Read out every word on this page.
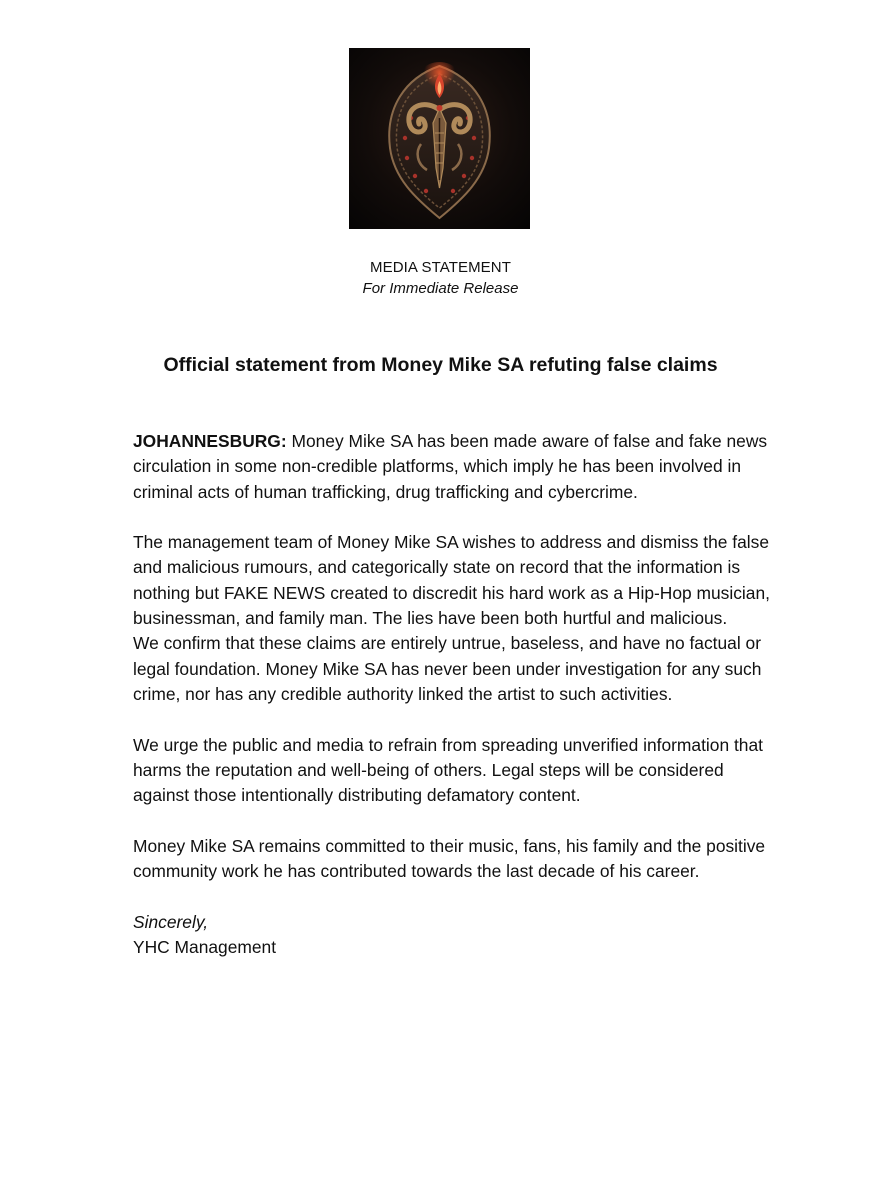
MEDIA STATEMENT
For Immediate Release
Official statement from Money Mike SA refuting false claims

JOHANNESBURG: Money Mike SA has been made aware of false and fake news circulation in some non-credible platforms, which imply he has been involved in criminal acts of human trafficking, drug trafficking and cybercrime.

The management team of Money Mike SA wishes to address and dismiss the false and malicious rumours, and categorically state on record that the information is nothing but FAKE NEWS created to discredit his hard work as a Hip-Hop musician, businessman, and family man. The lies have been both hurtful and malicious.

We confirm that these claims are entirely untrue, baseless, and have no factual or legal foundation. Money Mike SA has never been under investigation for any such crime, nor has any credible authority linked the artist to such activities.

We urge the public and media to refrain from spreading unverified information that harms the reputation and well-being of others. Legal steps will be considered against those intentionally distributing defamatory content.

Money Mike SA remains committed to their music, fans, his family and the positive community work he has contributed towards the last decade of his career.

Sincerely,

YHC Management
